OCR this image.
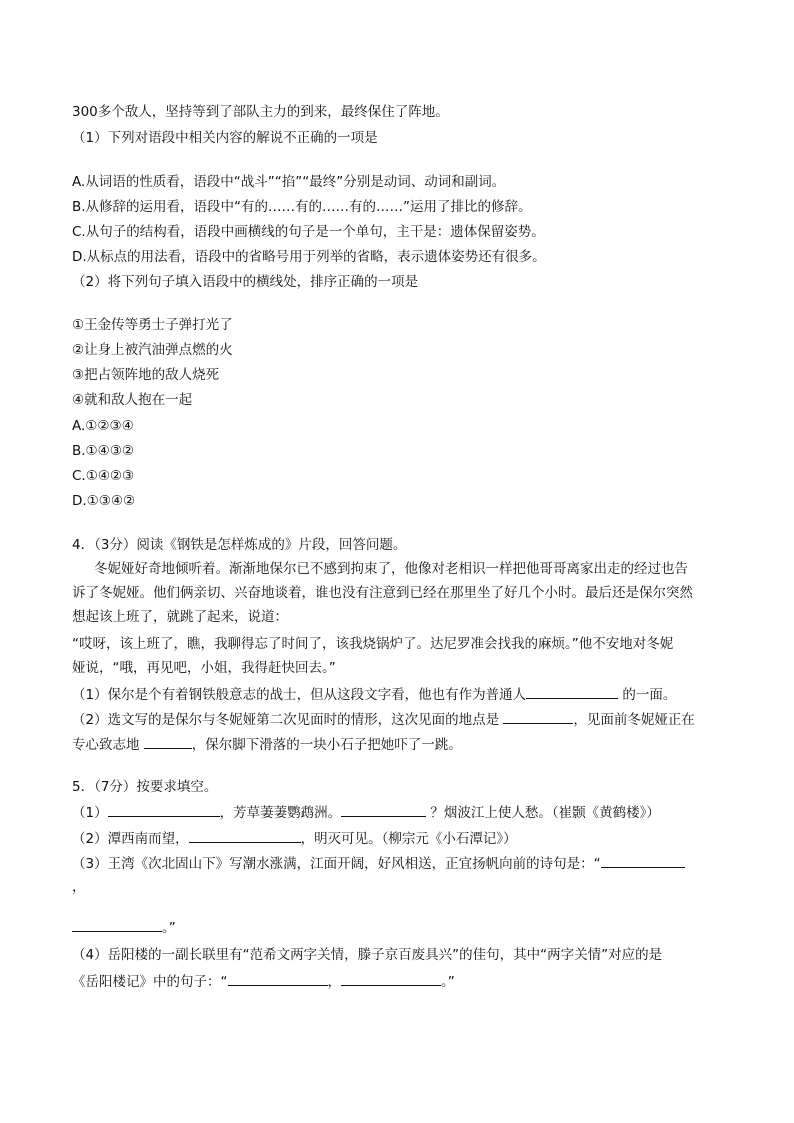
300多个敌人，坚持等到了部队主力的到来，最终保住了阵地。
（1）下列对语段中相关内容的解说不正确的一项是
A.从词语的性质看，语段中“战斗”“掐”“最终”分别是动词、动词和副词。
B.从修辞的运用看，语段中“有的……有的……有的……”运用了排比的修辞。
C.从句子的结构看，语段中画横线的句子是一个单句，主干是：遗体保留姿势。
D.从标点的用法看，语段中的省略号用于列举的省略，表示遗体姿势还有很多。
（2）将下列句子填入语段中的横线处，排序正确的一项是
①王金传等勇士子弹打光了
②让身上被汽油弹点燃的火
③把占领阵地的敌人烧死
④就和敌人抱在一起
A.①②③④
B.①④③②
C.①④②③
D.①③④②
4．（3分）阅读《钢铁是怎样炼成的》片段，回答问题。
冬妮娅好奇地倾听着。渐渐地保尔已不感到拘束了，他像对老相识一样把他哥哥离家出走的经过也告
诉了冬妮娅。他们俩亲切、兴奋地谈着，谁也没有注意到已经在那里坐了好几个小时。最后还是保尔突然
想起该上班了，就跳了起来，说道：
“哎呀，该上班了，瞧，我聊得忘了时间了，该我烧锅炉了。达尼罗准会找我的麻烦。”他不安地对冬妮
娅说，“哦，再见吧，小姐，我得赶快回去。”
（1）保尔是个有着钢铁般意志的战士，但从这段文字看，他也有作为普通人	的一面。
（2）选文写的是保尔与冬妮娅第二次见面时的情形，这次见面的地点是	，见面前冬妮娅正在
专心致志地	，保尔脚下滑落的一块小石子把她吓了一跳。
5．（7分）按要求填空。
（1）	，芳草萋萋鹦鹉洲。	？烟波江上使人愁。（崔颢《黄鹤楼》）
（2）潭西南而望，	，明灭可见。（柳宗元《小石潭记》）
（3）王湾《次北固山下》写潮水涨满，江面开阔，好风相送，正宜扬帆向前的诗句是：“
，
。”
（4）岳阳楼的一副长联里有“范希文两字关情，滕子京百废具兴”的佳句，其中“两字关情”对应的是
《岳阳楼记》中的句子：“	，	。”
